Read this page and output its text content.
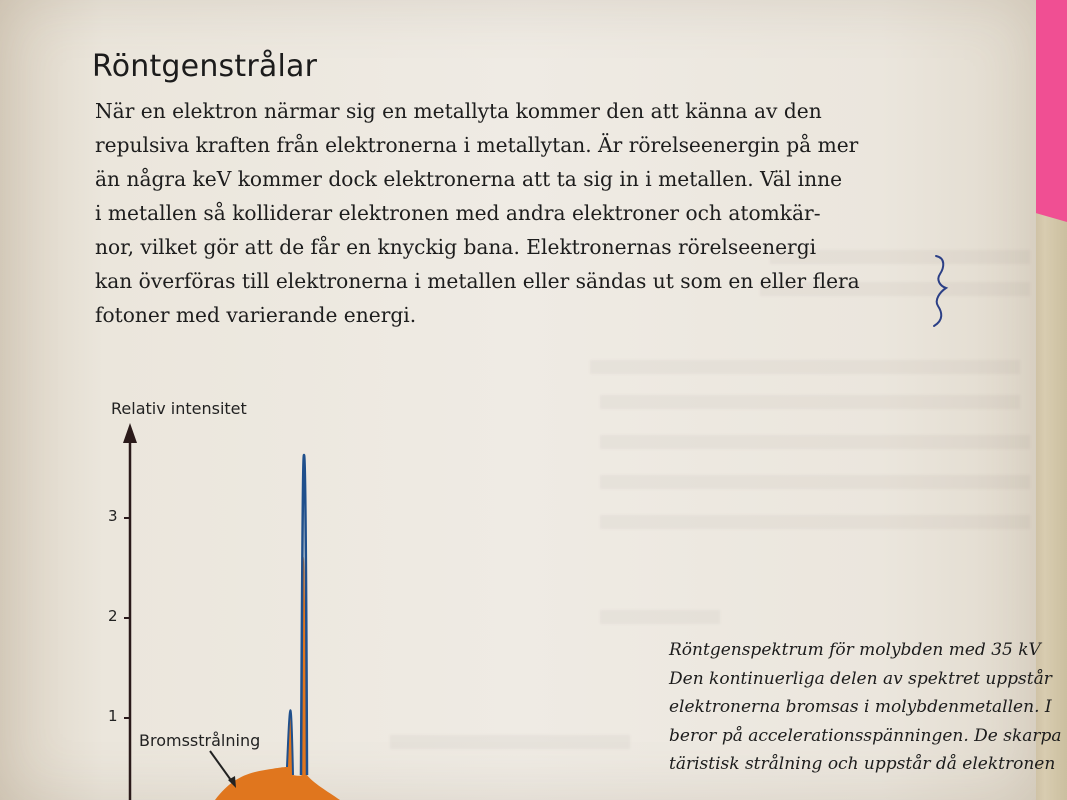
Röntgenstrålar
När en elektron närmar sig en metallyta kommer den att känna av den
repulsiva kraften från elektronerna i metallytan. Är rörelseenergin på mer
än några keV kommer dock elektronerna att ta sig in i metallen. Väl inne
i metallen så kolliderar elektronen med andra elektroner och atomkär-
nor, vilket gör att de får en knyckig bana. Elektronernas rörelseenergi
kan överföras till elektronerna i metallen eller sändas ut som en eller flera
fotoner med varierande energi.
Relativ intensitet
3
2
1
Bromsstrålning
Röntgenspektrum för molybden med 35 kV
Den kontinuerliga delen av spektret uppstår
elektronerna bromsas i molybdenmetallen. I
beror på accelerationsspänningen. De skarpa
täristisk strålning och uppstår då elektronen
